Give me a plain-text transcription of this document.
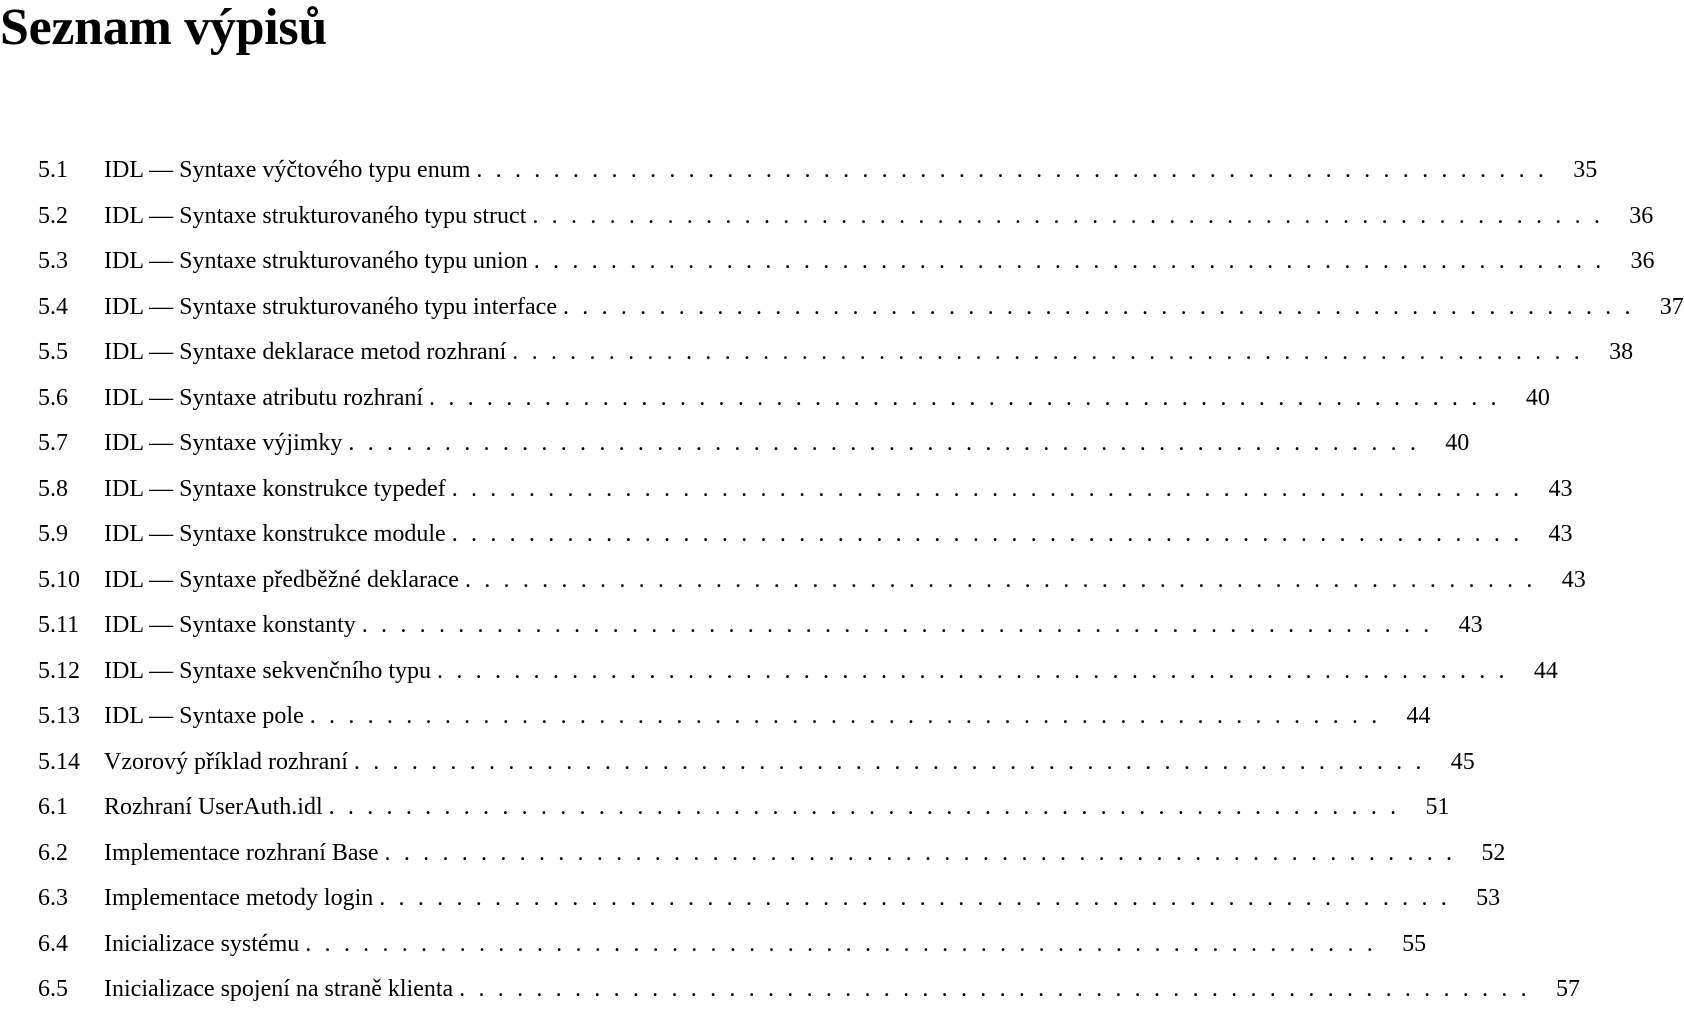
Seznam výpisů
5.1	IDL — Syntaxe výčtového typu enum ........................................................ 35
5.2	IDL — Syntaxe strukturovaného typu struct ........................................................ 36
5.3	IDL — Syntaxe strukturovaného typu union ........................................................ 36
5.4	IDL — Syntaxe strukturovaného typu interface ........................................................ 37
5.5	IDL — Syntaxe deklarace metod rozhraní ........................................................ 38
5.6	IDL — Syntaxe atributu rozhraní ........................................................ 40
5.7	IDL — Syntaxe výjimky ........................................................ 40
5.8	IDL — Syntaxe konstrukce typedef ........................................................ 43
5.9	IDL — Syntaxe konstrukce module ........................................................ 43
5.10	IDL — Syntaxe předběžné deklarace ........................................................ 43
5.11	IDL — Syntaxe konstanty ........................................................ 43
5.12	IDL — Syntaxe sekvenčního typu ........................................................ 44
5.13	IDL — Syntaxe pole ........................................................ 44
5.14	Vzorový příklad rozhraní ........................................................ 45
6.1	Rozhraní UserAuth.idl ........................................................ 51
6.2	Implementace rozhraní Base ........................................................ 52
6.3	Implementace metody login ........................................................ 53
6.4	Inicializace systému ........................................................ 55
6.5	Inicializace spojení na straně klienta ........................................................ 57
